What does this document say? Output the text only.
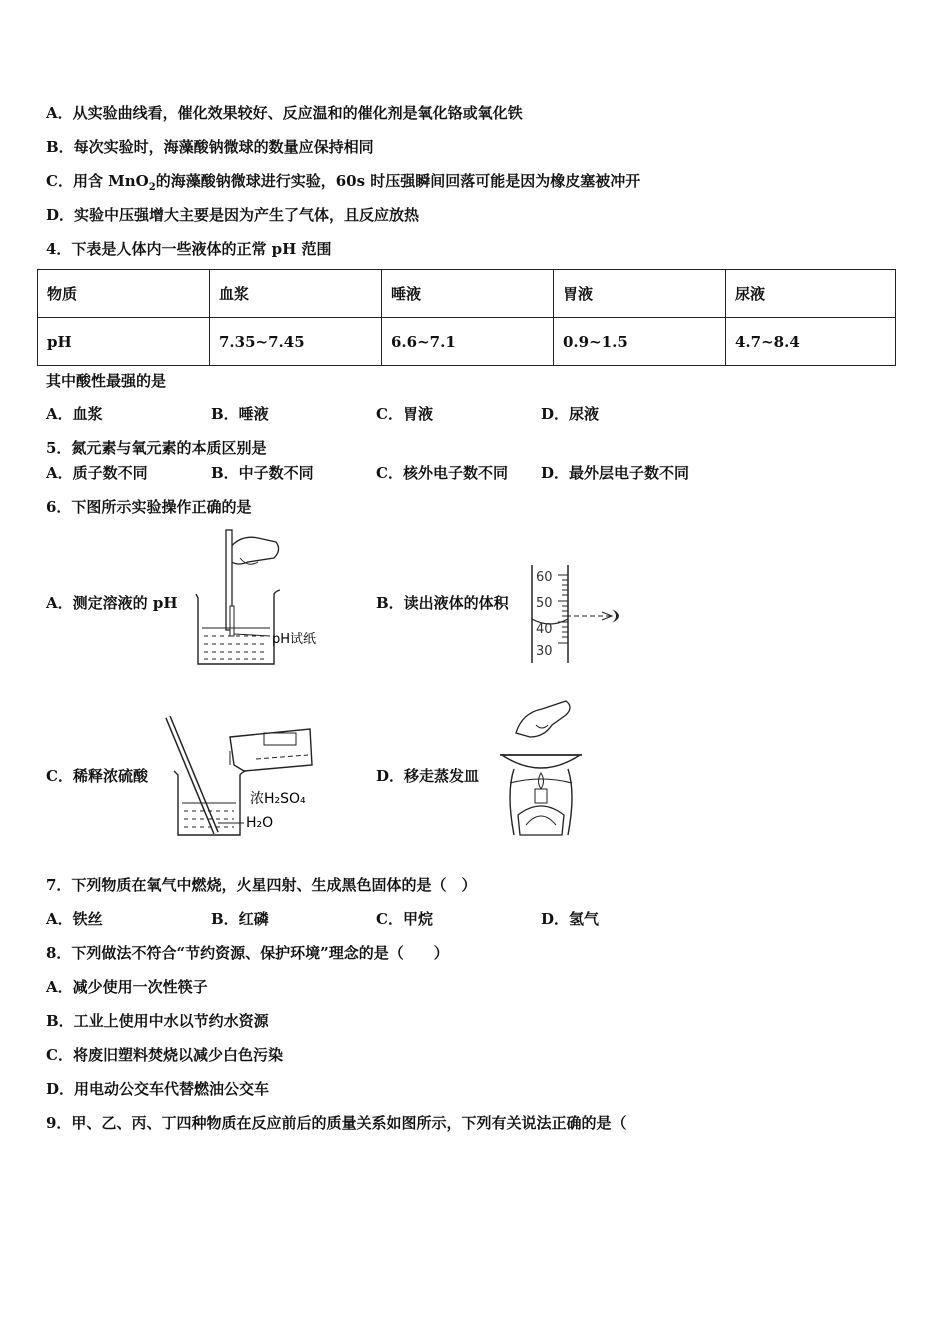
A．从实验曲线看，催化效果较好、反应温和的催化剂是氧化铬或氧化铁
B．每次实验时，海藻酸钠微球的数量应保持相同
C．用含 MnO$_2$的海藻酸钠微球进行实验，60s 时压强瞬间回落可能是因为橡皮塞被冲开
D．实验中压强增大主要是因为产生了气体，且反应放热
4．下表是人体内一些液体的正常 pH 范围
物质	血浆	唾液	胃液	尿液
pH	7.35~7.45	6.6~7.1	0.9~1.5	4.7~8.4
其中酸性最强的是
A．血浆	B．唾液	C．胃液	D．尿液
5．氮元素与氧元素的本质区别是
A．质子数不同	B．中子数不同	C．核外电子数不同 D．最外层电子数不同
6．下图所示实验操作正确的是
A．测定溶液的 pH
pH试纸
B．读出液体的体积
60
50
40
30
C．稀释浓硫酸
浓H₂SO₄
H₂O
D．移走蒸发皿
7．下列物质在氧气中燃烧，火星四射、生成黑色固体的是（　）
A．铁丝	B．红磷	C．甲烷	D．氢气
8．下列做法不符合“节约资源、保护环境”理念的是（　　）
A．减少使用一次性筷子
B．工业上使用中水以节约水资源
C．将废旧塑料焚烧以减少白色污染
D．用电动公交车代替燃油公交车
9．甲、乙、丙、丁四种物质在反应前后的质量关系如图所示，下列有关说法正确的是（
